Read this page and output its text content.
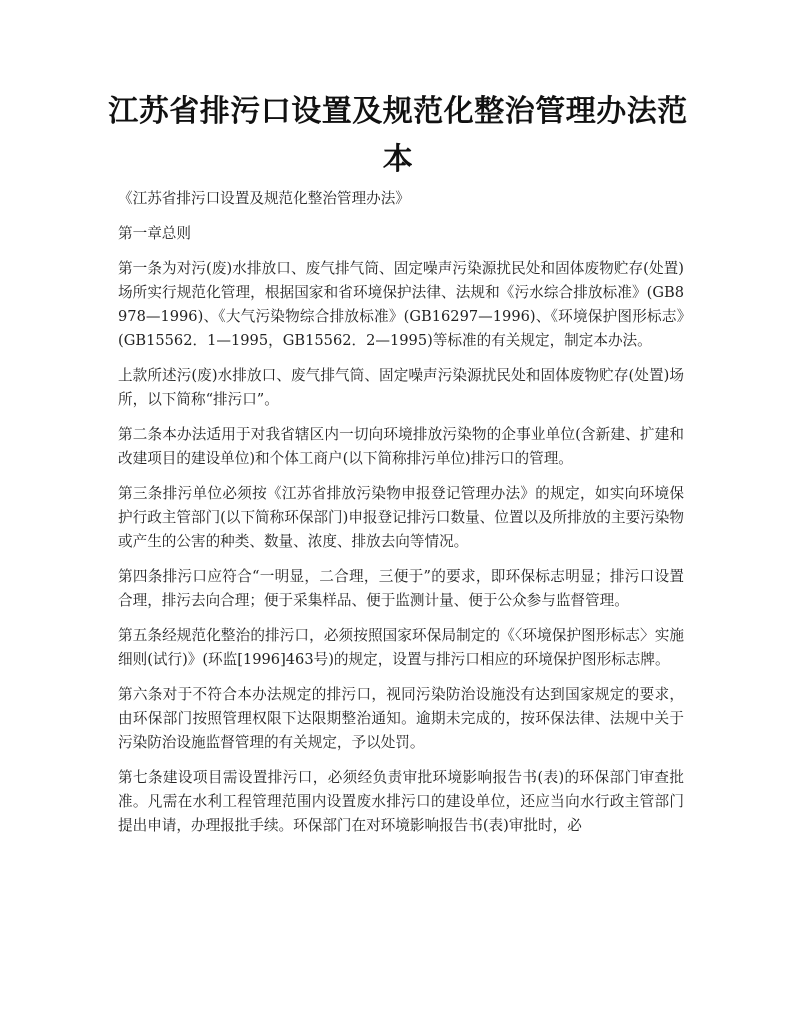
江苏省排污口设置及规范化整治管理办法范本

《江苏省排污口设置及规范化整治管理办法》

第一章总则

第一条为对污(废)水排放口、废气排气筒、固定噪声污染源扰民处和固体废物贮存(处置)场所实行规范化管理，根据国家和省环境保护法律、法规和《污水综合排放标准》(GB8978—1996)、《大气污染物综合排放标准》(GB16297—1996)、《环境保护图形标志》(GB15562．1—1995，GB15562．2—1995)等标准的有关规定，制定本办法。

上款所述污(废)水排放口、废气排气筒、固定噪声污染源扰民处和固体废物贮存(处置)场所，以下简称“排污口”。

第二条本办法适用于对我省辖区内一切向环境排放污染物的企事业单位(含新建、扩建和改建项目的建设单位)和个体工商户(以下简称排污单位)排污口的管理。

第三条排污单位必须按《江苏省排放污染物申报登记管理办法》的规定，如实向环境保护行政主管部门(以下简称环保部门)申报登记排污口数量、位置以及所排放的主要污染物或产生的公害的种类、数量、浓度、排放去向等情况。

第四条排污口应符合“一明显，二合理，三便于”的要求，即环保标志明显；排污口设置合理，排污去向合理；便于采集样品、便于监测计量、便于公众参与监督管理。

第五条经规范化整治的排污口，必须按照国家环保局制定的《〈环境保护图形标志〉实施细则(试行)》(环监[1996]463号)的规定，设置与排污口相应的环境保护图形标志牌。

第六条对于不符合本办法规定的排污口，视同污染防治设施没有达到国家规定的要求，由环保部门按照管理权限下达限期整治通知。逾期未完成的，按环保法律、法规中关于污染防治设施监督管理的有关规定，予以处罚。

第七条建设项目需设置排污口，必须经负责审批环境影响报告书(表)的环保部门审查批准。凡需在水利工程管理范围内设置废水排污口的建设单位，还应当向水行政主管部门提出申请，办理报批手续。环保部门在对环境影响报告书(表)审批时，必
